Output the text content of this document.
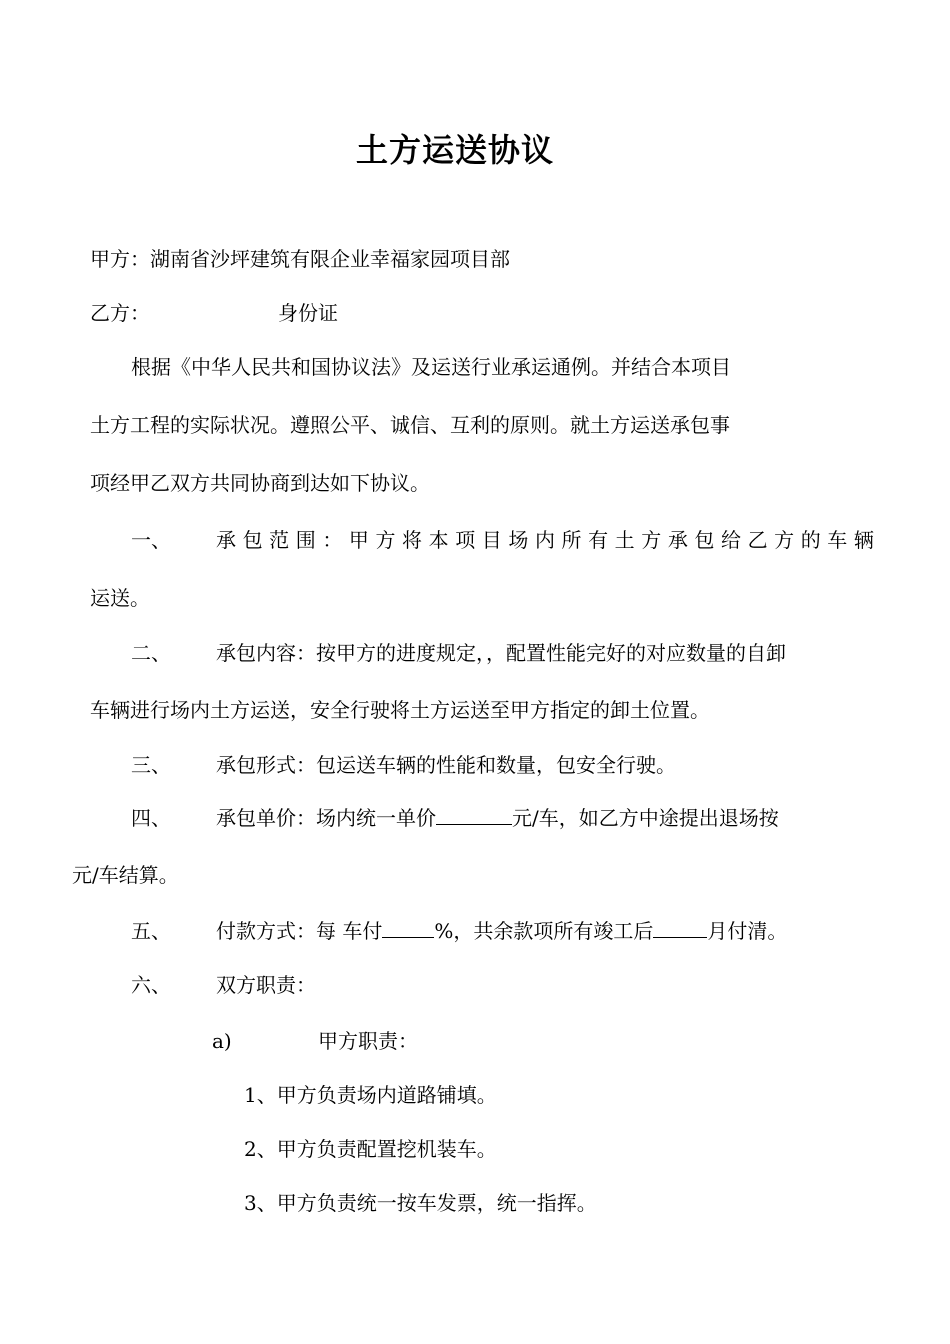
土方运送协议

甲方：湖南省沙坪建筑有限企业幸福家园项目部

乙方：	身份证

根据《中华人民共和国协议法》及运送行业承运通例。并结合本项目

土方工程的实际状况。遵照公平、诚信、互利的原则。就土方运送承包事

项经甲乙双方共同协商到达如下协议。

一、 承 包 范 围 ： 甲 方 将 本 项 目 场 内 所 有 土 方 承 包 给 乙 方 的 车 辆

运送。

二、 承包内容：按甲方的进度规定，，配置性能完好的对应数量的自卸

车辆进行场内土方运送，安全行驶将土方运送至甲方指定的卸土位置。

三、 承包形式：包运送车辆的性能和数量，包安全行驶。

四、 承包单价：场内统一单价	元/车，如乙方中途提出退场按

元/车结算。

五、 付款方式：每 车付	%，共余款项所有竣工后	月付清。

六、 双方职责：

a)	甲方职责：

1、甲方负责场内道路铺填。

2、甲方负责配置挖机装车。

3、甲方负责统一按车发票，统一指挥。
